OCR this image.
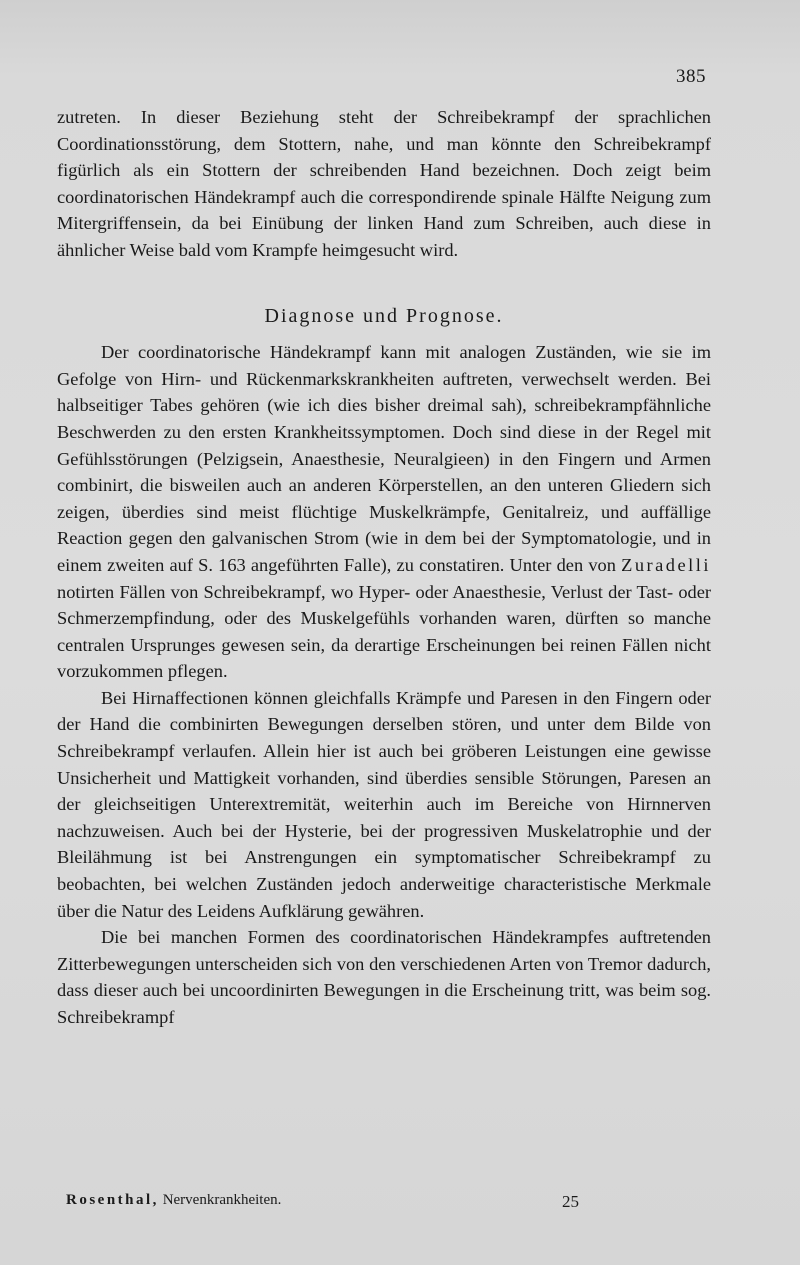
385

zutreten. In dieser Beziehung steht der Schreibekrampf der sprachlichen Coordinationsstörung, dem Stottern, nahe, und man könnte den Schreibekrampf figürlich als ein Stottern der schreibenden Hand bezeichnen. Doch zeigt beim coordinatorischen Händekrampf auch die correspondirende spinale Hälfte Neigung zum Mitergriffensein, da bei Einübung der linken Hand zum Schreiben, auch diese in ähnlicher Weise bald vom Krampfe heimgesucht wird.

Diagnose und Prognose.

Der coordinatorische Händekrampf kann mit analogen Zuständen, wie sie im Gefolge von Hirn- und Rückenmarkskrankheiten auftreten, verwechselt werden. Bei halbseitiger Tabes gehören (wie ich dies bisher dreimal sah), schreibekrampfähnliche Beschwerden zu den ersten Krankheitssymptomen. Doch sind diese in der Regel mit Gefühlsstörungen (Pelzigsein, Anaesthesie, Neuralgieen) in den Fingern und Armen combinirt, die bisweilen auch an anderen Körperstellen, an den unteren Gliedern sich zeigen, überdies sind meist flüchtige Muskelkrämpfe, Genitalreiz, und auffällige Reaction gegen den galvanischen Strom (wie in dem bei der Symptomatologie, und in einem zweiten auf S. 163 angeführten Falle), zu constatiren. Unter den von Zuradelli notirten Fällen von Schreibekrampf, wo Hyper- oder Anaesthesie, Verlust der Tast- oder Schmerzempfindung, oder des Muskelgefühls vorhanden waren, dürften so manche centralen Ursprunges gewesen sein, da derartige Erscheinungen bei reinen Fällen nicht vorzukommen pflegen.

Bei Hirnaffectionen können gleichfalls Krämpfe und Paresen in den Fingern oder der Hand die combinirten Bewegungen derselben stören, und unter dem Bilde von Schreibekrampf verlaufen. Allein hier ist auch bei gröberen Leistungen eine gewisse Unsicherheit und Mattigkeit vorhanden, sind überdies sensible Störungen, Paresen an der gleichseitigen Unterextremität, weiterhin auch im Bereiche von Hirnnerven nachzuweisen. Auch bei der Hysterie, bei der progressiven Muskelatrophie und der Bleilähmung ist bei Anstrengungen ein symptomatischer Schreibekrampf zu beobachten, bei welchen Zuständen jedoch anderweitige characteristische Merkmale über die Natur des Leidens Aufklärung gewähren.

Die bei manchen Formen des coordinatorischen Händekrampfes auftretenden Zitterbewegungen unterscheiden sich von den verschiedenen Arten von Tremor dadurch, dass dieser auch bei uncoordinirten Bewegungen in die Erscheinung tritt, was beim sog. Schreibekrampf

Rosenthal, Nervenkrankheiten.	25
